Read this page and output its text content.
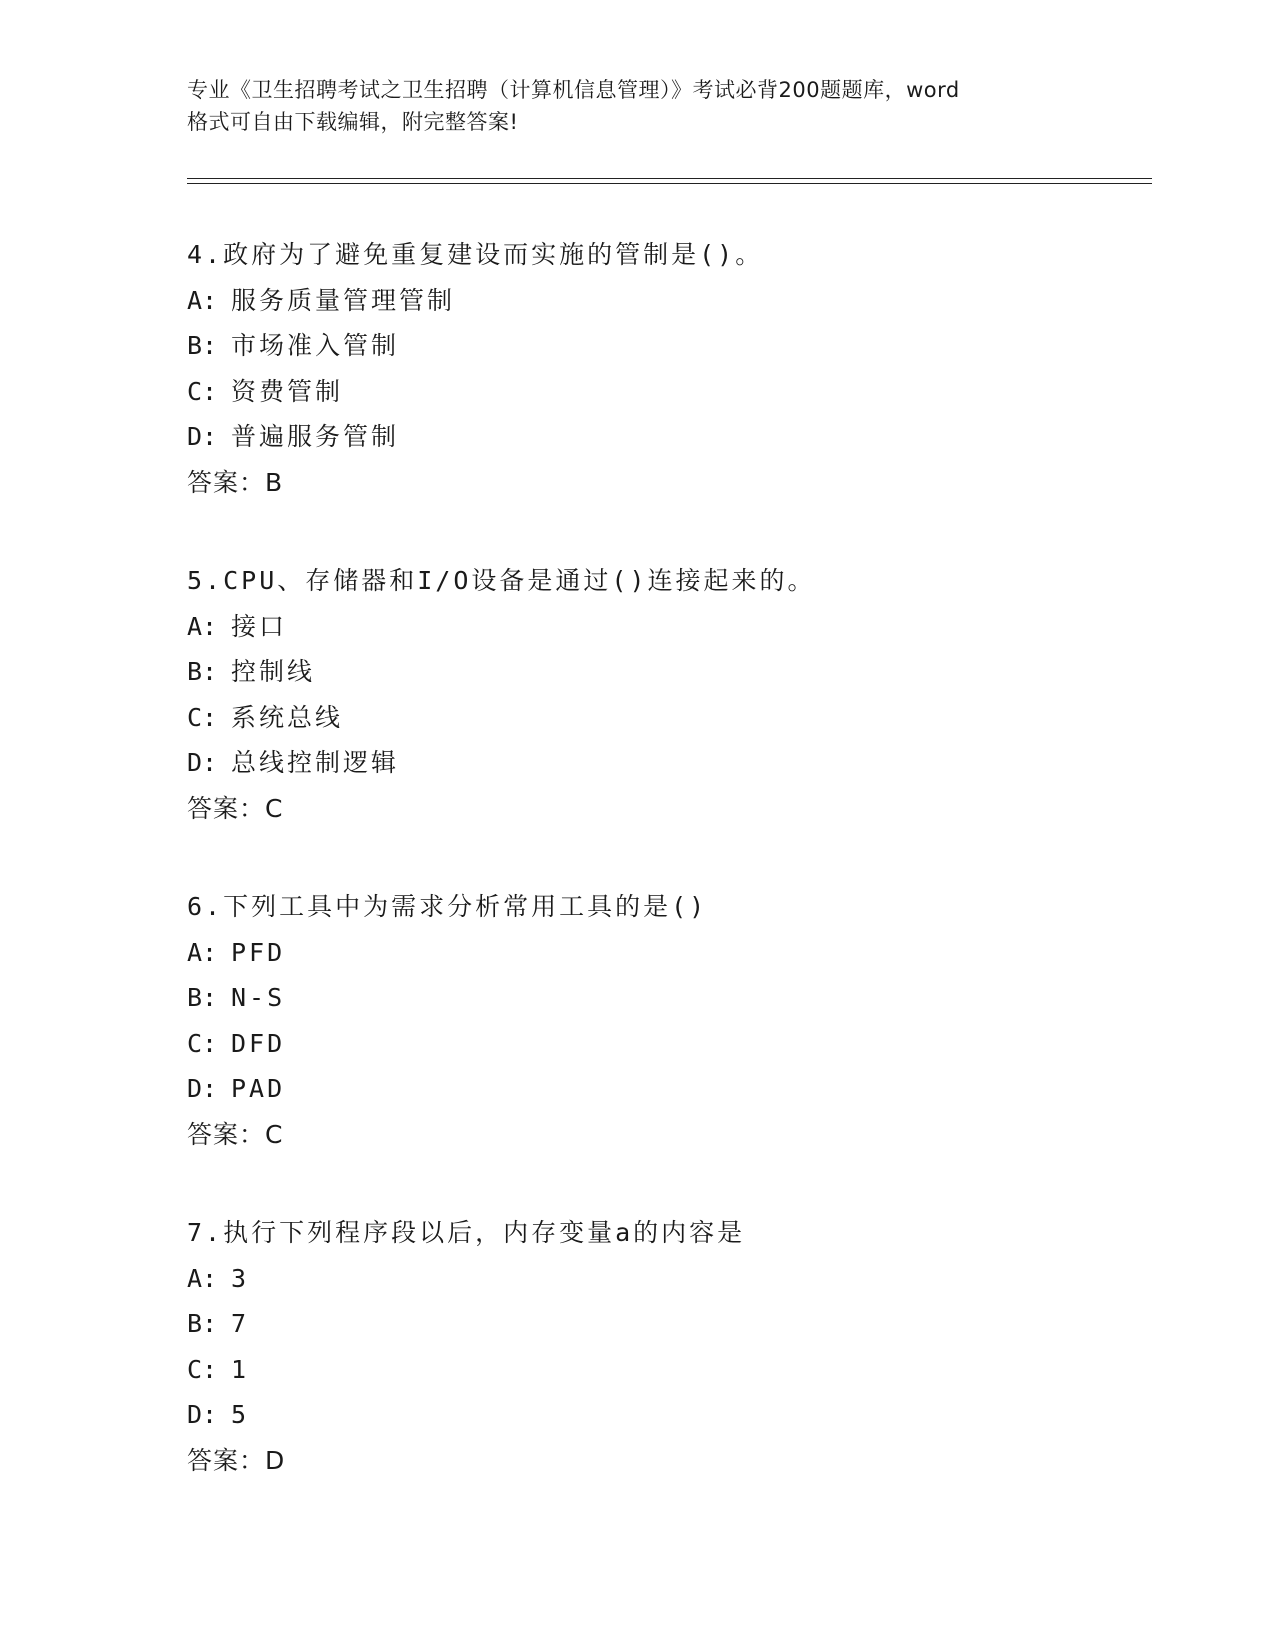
专业《卫生招聘考试之卫生招聘（计算机信息管理）》考试必背200题题库，word
格式可自由下载编辑，附完整答案!
4.政府为了避免重复建设而实施的管制是()。
A: 服务质量管理管制
B: 市场准入管制
C: 资费管制
D: 普遍服务管制
答案：B
5.CPU、存储器和I/O设备是通过()连接起来的。
A: 接口
B: 控制线
C: 系统总线
D: 总线控制逻辑
答案：C
6.下列工具中为需求分析常用工具的是()
A: PFD
B: N-S
C: DFD
D: PAD
答案：C
7.执行下列程序段以后，内存变量a的内容是
A: 3
B: 7
C: 1
D: 5
答案：D
